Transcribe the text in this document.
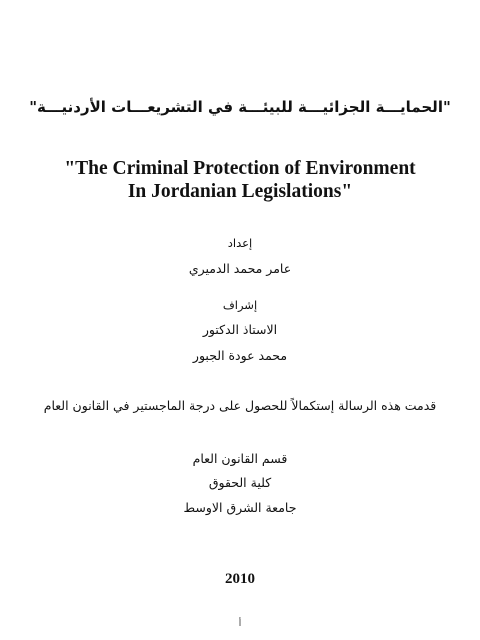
"الحمايـــة الجزائيـــة للبيئـــة في التشريعـــات الأردنيـــة"
"The Criminal Protection of Environment
In Jordanian Legislations"
إعداد
عامر محمد الدميري
إشراف
الاستاذ الدكتور
محمد عودة الجبور
قدمت هذه الرسالة إستكمالاً للحصول على درجة الماجستير في القانون العام
قسم القانون العام
كلية الحقوق
جامعة الشرق الاوسط
2010
أ
